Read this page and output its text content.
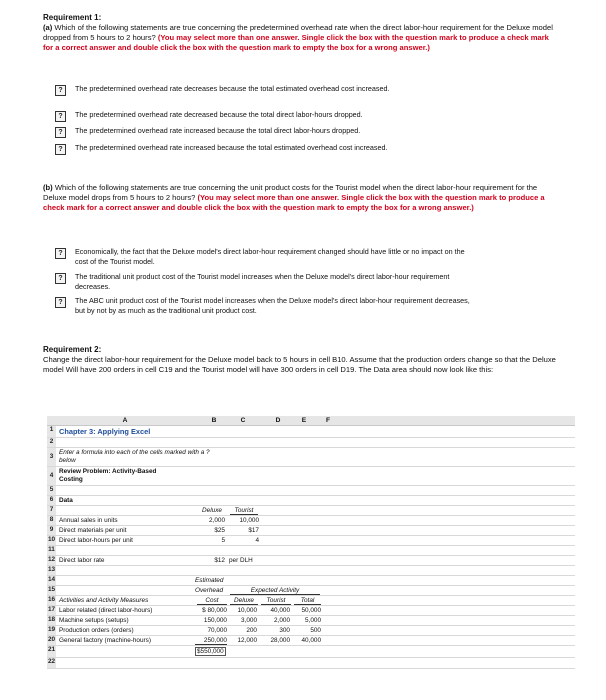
Requirement 1:
(a) Which of the following statements are true concerning the predetermined overhead rate when the direct labor-hour requirement for the Deluxe model dropped from 5 hours to 2 hours? (You may select more than one answer. Single click the box with the question mark to produce a check mark for a correct answer and double click the box with the question mark to empty the box for a wrong answer.)
?	The predetermined overhead rate decreases because the total estimated overhead cost increased.
?	The predetermined overhead rate decreased because the total direct labor-hours dropped.
?	The predetermined overhead rate increased because the total direct labor-hours dropped.
?	The predetermined overhead rate increased because the total estimated overhead cost increased.
(b) Which of the following statements are true concerning the unit product costs for the Tourist model when the direct labor-hour requirement for the Deluxe model drops from 5 hours to 2 hours? (You may select more than one answer. Single click the box with the question mark to produce a check mark for a correct answer and double click the box with the question mark to empty the box for a wrong answer.)
?	Economically, the fact that the Deluxe model's direct labor-hour requirement changed should have little or no impact on the cost of the Tourist model.
?	The traditional unit product cost of the Tourist model increases when the Deluxe model's direct labor-hour requirement decreases.
?	The ABC unit product cost of the Tourist model increases when the Deluxe model's direct labor-hour requirement decreases, but by not by as much as the traditional unit product cost.
Requirement 2:
Change the direct labor-hour requirement for the Deluxe model back to 5 hours in cell B10. Assume that the production orders change so that the Deluxe model Will have 200 orders in cell C19 and the Tourist model will have 300 orders in cell D19. The Data area should now look like this:
A	B	C	D	E	F
1 Chapter 3: Applying Excel
2
3
Enter a formula into each of the cells marked with a ?
below
4
Review Problem: Activity-Based
Costing
5
6 Data
7	Deluxe	Tourist
8 Annual sales in units	2,000	10,000
9 Direct materials per unit	$25	$17
10 Direct labor-hours per unit	5	4
11
12 Direct labor rate	$12 per DLH
13
14	Estimated
15	Overhead	Expected Activity
16 Activities and Activity Measures	Cost	Deluxe	Tourist	Total
17 Labor related (direct labor-hours)	$ 80,000	10,000	40,000	50,000
18 Machine setups (setups)	150,000	3,000	2,000	5,000
19 Production orders (orders)	70,000	200	300	500
20 General factory (machine-hours)	250,000	12,000	28,000	40,000
21	$550,000
22
